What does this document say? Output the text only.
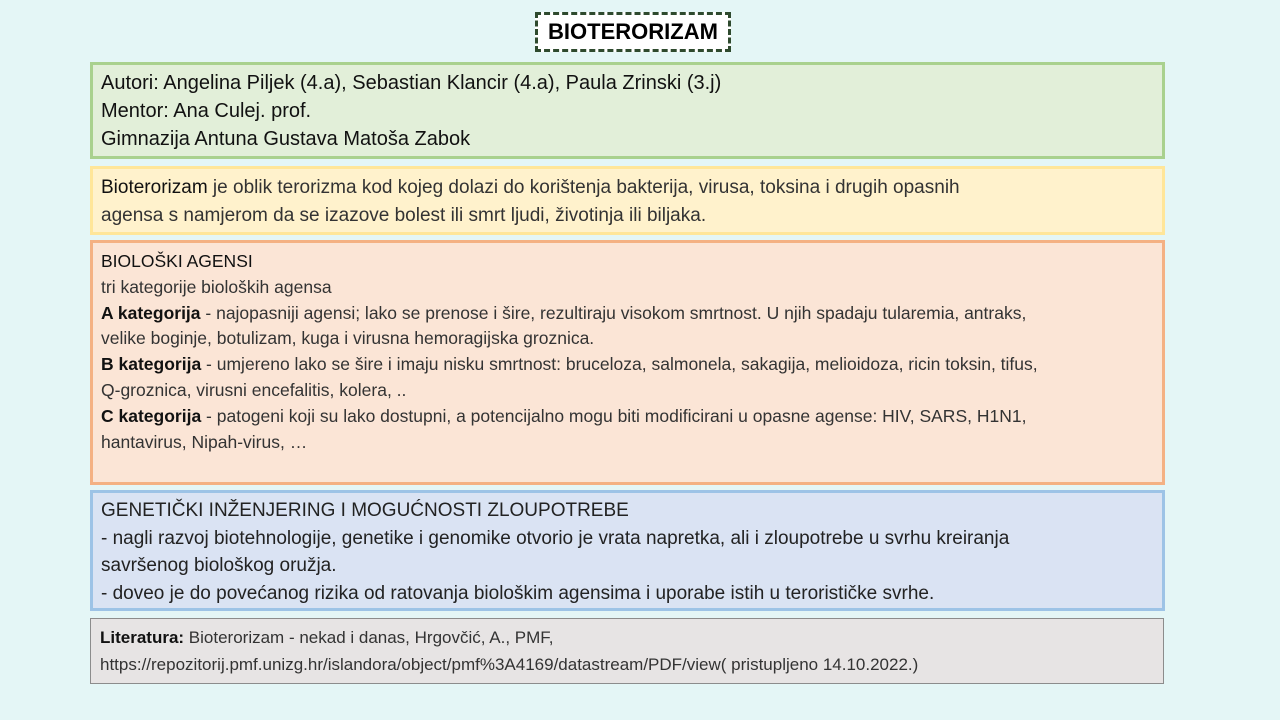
BIOTERORIZAM
Autori: Angelina Piljek (4.a), Sebastian Klancir (4.a), Paula Zrinski (3.j)
Mentor: Ana Culej. prof.
Gimnazija Antuna Gustava Matoša Zabok
Bioterorizam je oblik terorizma kod kojeg dolazi do korištenja bakterija, virusa, toksina i drugih opasnih
agensa s namjerom da se izazove bolest ili smrt ljudi, životinja ili biljaka.
BIOLOŠKI AGENSI
tri kategorije bioloških agensa
A kategorija - najopasniji agensi; lako se prenose i šire, rezultiraju visokom smrtnost. U njih spadaju tularemia, antraks,
velike boginje, botulizam, kuga i virusna hemoragijska groznica.
B kategorija - umjereno lako se šire i imaju nisku smrtnost: bruceloza, salmonela, sakagija, melioidoza, ricin toksin, tifus,
Q-groznica, virusni encefalitis, kolera, ..
C kategorija - patogeni koji su lako dostupni, a potencijalno mogu biti modificirani u opasne agense: HIV, SARS, H1N1,
hantavirus, Nipah-virus, …
GENETIČKI INŽENJERING I MOGUĆNOSTI ZLOUPOTREBE
- nagli razvoj biotehnologije, genetike i genomike otvorio je vrata napretka, ali i zloupotrebe u svrhu kreiranja
savršenog biološkog oružja.
- doveo je do povećanog rizika od ratovanja biološkim agensima i uporabe istih u terorističke svrhe.
Literatura: Bioterorizam - nekad i danas, Hrgovčić, A., PMF,
https://repozitorij.pmf.unizg.hr/islandora/object/pmf%3A4169/datastream/PDF/view( pristupljeno 14.10.2022.)
